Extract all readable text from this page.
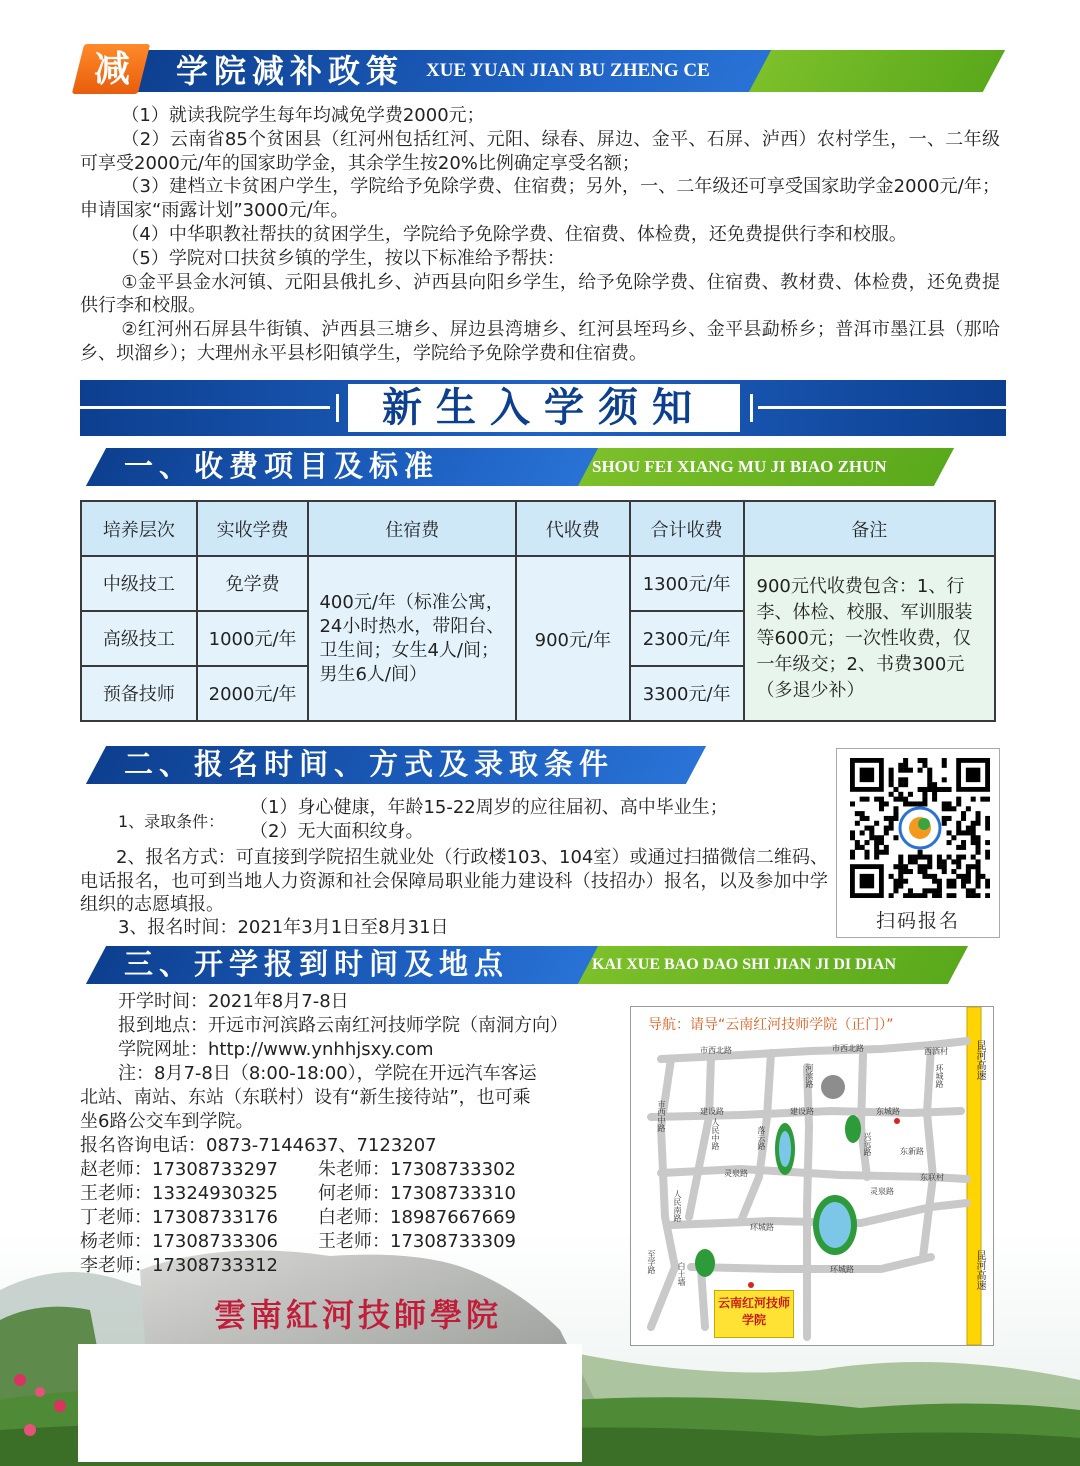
减	学院减补政策 XUE YUAN JIAN BU ZHENG CE

（1）就读我院学生每年均减免学费2000元；

（2）云南省85个贫困县（红河州包括红河、元阳、绿春、屏边、金平、石屏、泸西）农村学生，一、二年级可享受2000元/年的国家助学金，其余学生按20%比例确定享受名额；

（3）建档立卡贫困户学生，学院给予免除学费、住宿费；另外，一、二年级还可享受国家助学金2000元/年；申请国家“雨露计划”3000元/年。

（4）中华职教社帮扶的贫困学生，学院给予免除学费、住宿费、体检费，还免费提供行李和校服。

（5）学院对口扶贫乡镇的学生，按以下标准给予帮扶：

①金平县金水河镇、元阳县俄扎乡、泸西县向阳乡学生，给予免除学费、住宿费、教材费、体检费，还免费提供行李和校服。

②红河州石屏县牛街镇、泸西县三塘乡、屏边县湾塘乡、红河县垤玛乡、金平县勐桥乡；普洱市墨江县（那哈乡、坝溜乡）；大理州永平县杉阳镇学生，学院给予免除学费和住宿费。

新生入学须知
一、收费项目及标准	SHOU FEI XIANG MU JI BIAO ZHUN
培养层次	实收学费	住宿费	代收费	合计收费	备注
中级技工	免学费	400元/年（标准公寓，24小时热水，带阳台、卫生间；女生4人/间；男生6人/间）	900元/年	1300元/年	900元代收费包含：1、行李、体检、校服、军训服装等600元；一次性收费，仅一年级交；2、书费300元（多退少补）
高级技工	1000元/年			2300元/年	
预备技师	2000元/年			3300元/年	
二、报名时间、方式及录取条件
1、录取条件：
（1）身心健康，年龄15-22周岁的应往届初、高中毕业生；
（2）无大面积纹身。
2、报名方式：可直接到学院招生就业处（行政楼103、104室）或通过扫描微信二维码、电话报名，也可到当地人力资源和社会保障局职业能力建设科（技招办）报名，以及参加中学组织的志愿填报。
3、报名时间：2021年3月1日至8月31日	扫码报名
三、开学报到时间及地点	KAI XUE BAO DAO SHI JIAN JI DI DIAN
雲南紅河技師學院
开学时间：2021年8月7-8日
报到地点：开远市河滨路云南红河技师学院（南洞方向）
学院网址：http://www.ynhhjsxy.com
注：8月7-8日（8:00-18:00），学院在开远汽车客运
北站、南站、东站（东联村）设有“新生接待站”，也可乘
坐6路公交车到学院。
报名咨询电话：0873-7144637、7123207
赵老师：17308733297 朱老师：17308733302
王老师：13324930325 何老师：17308733310
丁老师：17308733176 白老师：18987667669
杨老师：17308733306 王老师：17308733309
李老师：17308733312
导航：请导“云南红河技师学院（正门）”
昆河高速
昆河高速
市西北路	市西北路
建设路	建设路	东城路
灵泉路
灵泉路
环城路
环城路
河滨路
人民中路
人民南路
东联村
环城路
市西中路
落云路	兴远路	东新路
至学路	白土墙
西酒村
云南红河技师学院
